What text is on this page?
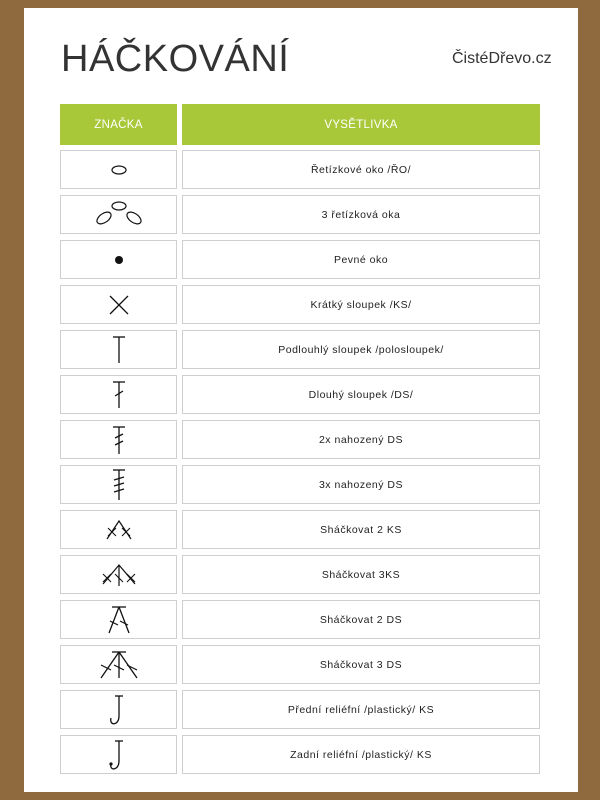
HÁČKOVÁNÍ	ČistéDřevo.cz
ZNAČKA	VYSĚTLIVKA
Řetízkové oko /ŘO/
3 řetízková oka
Pevné oko
Krátký sloupek /KS/
Podlouhlý sloupek /polosloupek/
Dlouhý sloupek /DS/
2x nahozený DS
3x nahozený DS
Sháčkovat 2 KS
Sháčkovat 3KS
Sháčkovat 2 DS
Sháčkovat 3 DS
Přední reliéfní /plastický/ KS
Zadní reliéfní /plastický/ KS
